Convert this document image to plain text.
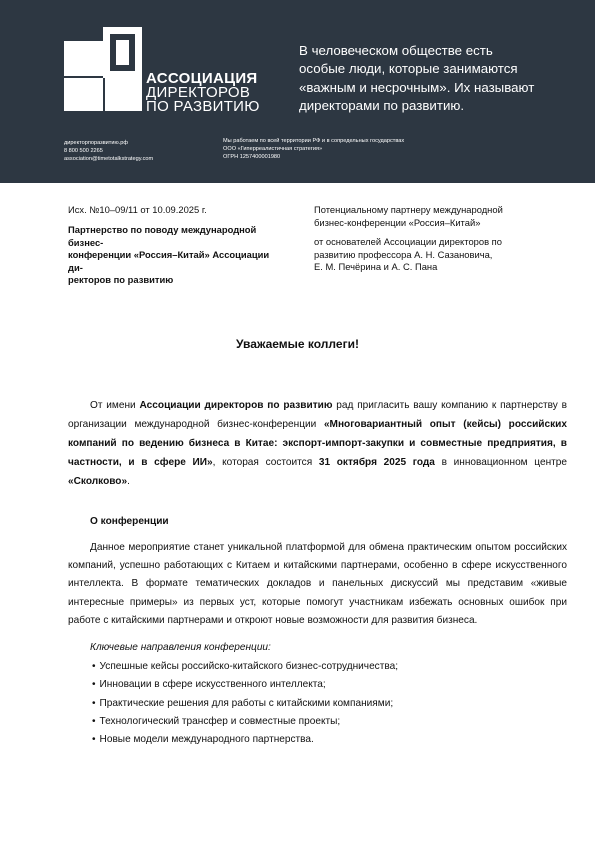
АССОЦИАЦИЯ
ДИРЕКТОРОВ
ПО РАЗВИТИЮ
В человеческом обществе есть
особые люди, которые занимаются
«важным и несрочным». Их называют
директорами по развитию.
директорпоразвитию.рф
8 800 500 2265
association@timetotalkstrategy.com
Мы работаем по всей территории РФ и в сопредельных государствах
ООО «Гиперреалистичная стратегия»
ОГРН 1257400001980
Исх. №10–09/11 от 10.09.2025 г.
Партнерство по поводу международной бизнес-
конференции «Россия–Китай» Ассоциации ди-
ректоров по развитию
Потенциальному партнеру международной
бизнес-конференции «Россия–Китай»
от основателей Ассоциации директоров по
развитию профессора А. Н. Сазановича,
Е. М. Печёрина и А. С. Пана
Уважаемые коллеги!

От имени Ассоциации директоров по развитию рад пригласить вашу компанию к партнерству в организации международной бизнес-конференции «Многовариантный опыт (кейсы) российских компаний по ведению бизнеса в Китае: экспорт-импорт-закупки и совместные предприятия, в частности, и в сфере ИИ», которая состоится 31 октября 2025 года в инновационном центре «Сколково».

О конференции

Данное мероприятие станет уникальной платформой для обмена практическим опытом российских компаний, успешно работающих с Китаем и китайскими партнерами, особенно в сфере искусственного интеллекта. В формате тематических докладов и панельных дискуссий мы представим «живые интересные примеры» из первых уст, которые помогут участникам избежать основных ошибок при работе с китайскими партнерами и откроют новые возможности для развития бизнеса.

Ключевые направления конференции:
• Успешные кейсы российско-китайского бизнес-сотрудничества;
• Инновации в сфере искусственного интеллекта;
• Практические решения для работы с китайскими компаниями;
• Технологический трансфер и совместные проекты;
• Новые модели международного партнерства.
